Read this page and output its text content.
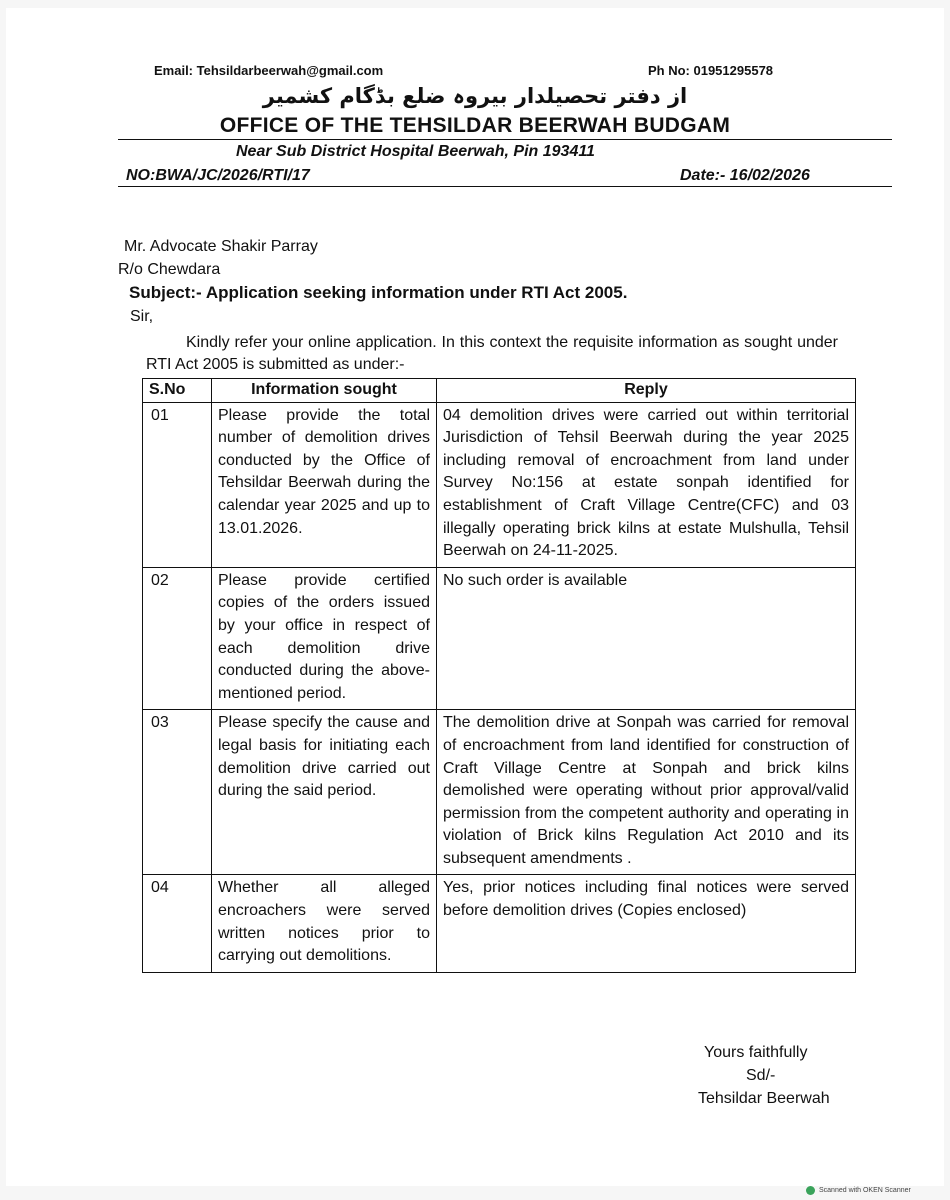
Email: Tehsildarbeerwah@gmail.com	Ph No: 01951295578
از دفتر تحصیلدار بیروہ ضلع بڈگام کشمیر
OFFICE OF THE TEHSILDAR BEERWAH BUDGAM
Near Sub District Hospital Beerwah, Pin 193411
NO:BWA/JC/2026/RTI/17	Date:- 16/02/2026
Mr. Advocate Shakir Parray
R/o Chewdara
Subject:- Application seeking information under RTI Act 2005.
Sir,
Kindly refer your online application. In this context the requisite information as sought under RTI Act 2005 is submitted as under:-
S.No	Information sought	Reply
01	Please provide the total number of demolition drives conducted by the Office of Tehsildar Beerwah during the calendar year 2025 and up to 13.01.2026.	04 demolition drives were carried out within territorial Jurisdiction of Tehsil Beerwah during the year 2025 including removal of encroachment from land under Survey No:156 at estate sonpah identified for establishment of Craft Village Centre(CFC) and 03 illegally operating brick kilns at estate Mulshulla, Tehsil Beerwah on 24-11-2025.
02	Please provide certified copies of the orders issued by your office in respect of each demolition drive conducted during the above-mentioned period.	No such order is available
03	Please specify the cause and legal basis for initiating each demolition drive carried out during the said period.	The demolition drive at Sonpah was carried for removal of encroachment from land identified for construction of Craft Village Centre at Sonpah and brick kilns demolished were operating without prior approval/valid permission from the competent authority and operating in violation of Brick kilns Regulation Act 2010 and its subsequent amendments .
04	Whether all alleged encroachers were served written notices prior to carrying out demolitions.	Yes, prior notices including final notices were served before demolition drives (Copies enclosed)
Yours faithfully
Sd/-
Tehsildar Beerwah
Scanned with OKEN Scanner
